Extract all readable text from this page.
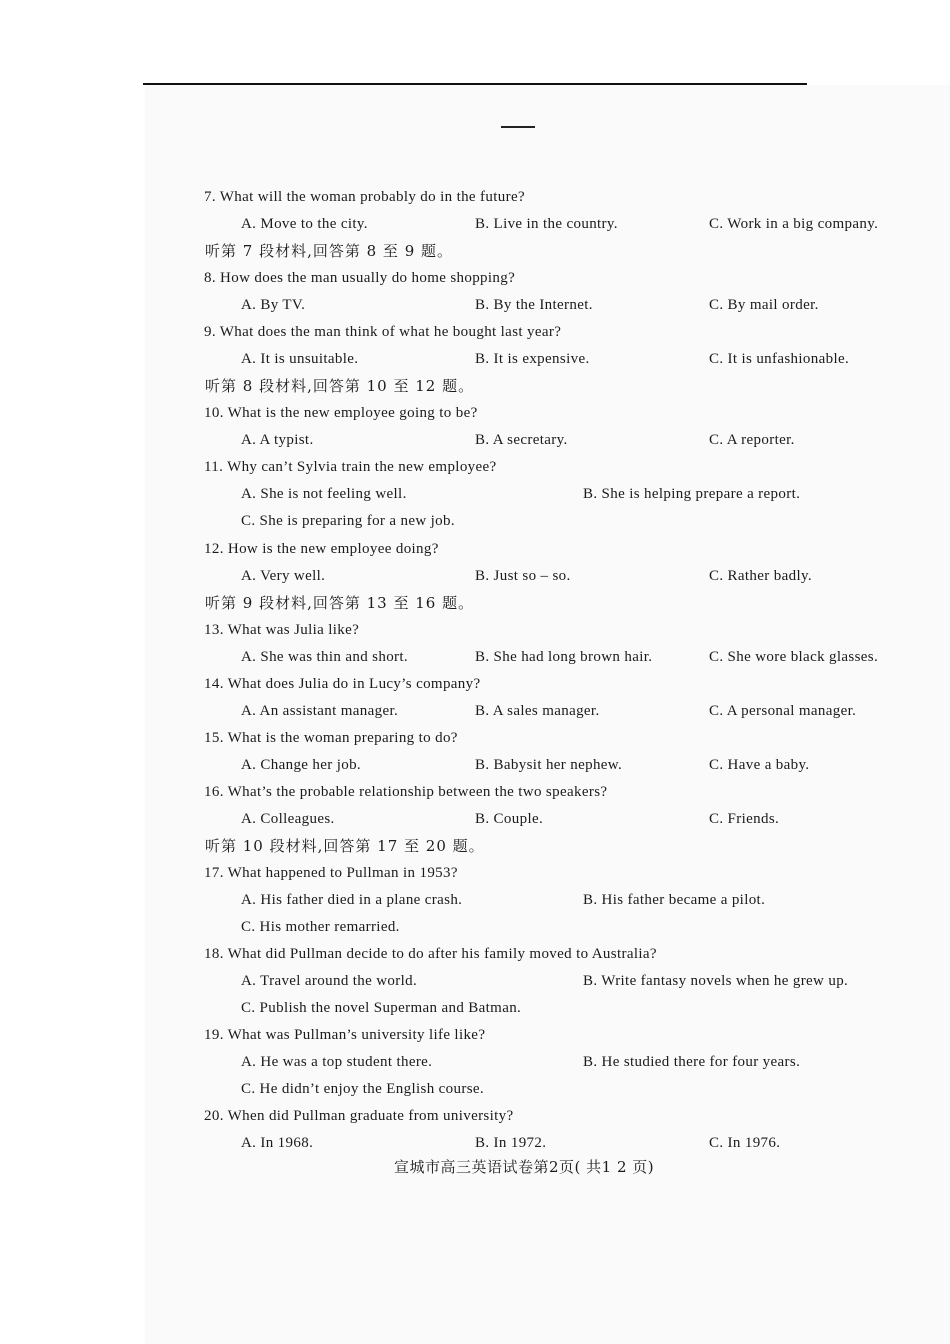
7. What will the woman probably do in the future?
A. Move to the city.	B. Live in the country.	C. Work in a big company.
听第 7 段材料,回答第 8 至 9 题。
8. How does the man usually do home shopping?
A. By TV.	B. By the Internet.	C. By mail order.
9. What does the man think of what he bought last year?
A. It is unsuitable.	B. It is expensive.	C. It is unfashionable.
听第 8 段材料,回答第 10 至 12 题。
10. What is the new employee going to be?
A. A typist.	B. A secretary.	C. A reporter.
11. Why can’t Sylvia train the new employee?
A. She is not feeling well.	B. She is helping prepare a report.
C. She is preparing for a new job.
12. How is the new employee doing?
A. Very well.	B. Just so – so.	C. Rather badly.
听第 9 段材料,回答第 13 至 16 题。
13. What was Julia like?
A. She was thin and short.	B. She had long brown hair.	C. She wore black glasses.
14. What does Julia do in Lucy’s company?
A. An assistant manager.	B. A sales manager.	C. A personal manager.
15. What is the woman preparing to do?
A. Change her job.	B. Babysit her nephew.	C. Have a baby.
16. What’s the probable relationship between the two speakers?
A. Colleagues.	B. Couple.	C. Friends.
听第 10 段材料,回答第 17 至 20 题。
17. What happened to Pullman in 1953?
A. His father died in a plane crash.	B. His father became a pilot.
C. His mother remarried.
18. What did Pullman decide to do after his family moved to Australia?
A. Travel around the world.	B. Write fantasy novels when he grew up.
C. Publish the novel Superman and Batman.
19. What was Pullman’s university life like?
A. He was a top student there.	B. He studied there for four years.
C. He didn’t enjoy the English course.
20. When did Pullman graduate from university?
A. In 1968.	B. In 1972.	C. In 1976.
宣城市高三英语试卷第2页( 共1 2 页)
